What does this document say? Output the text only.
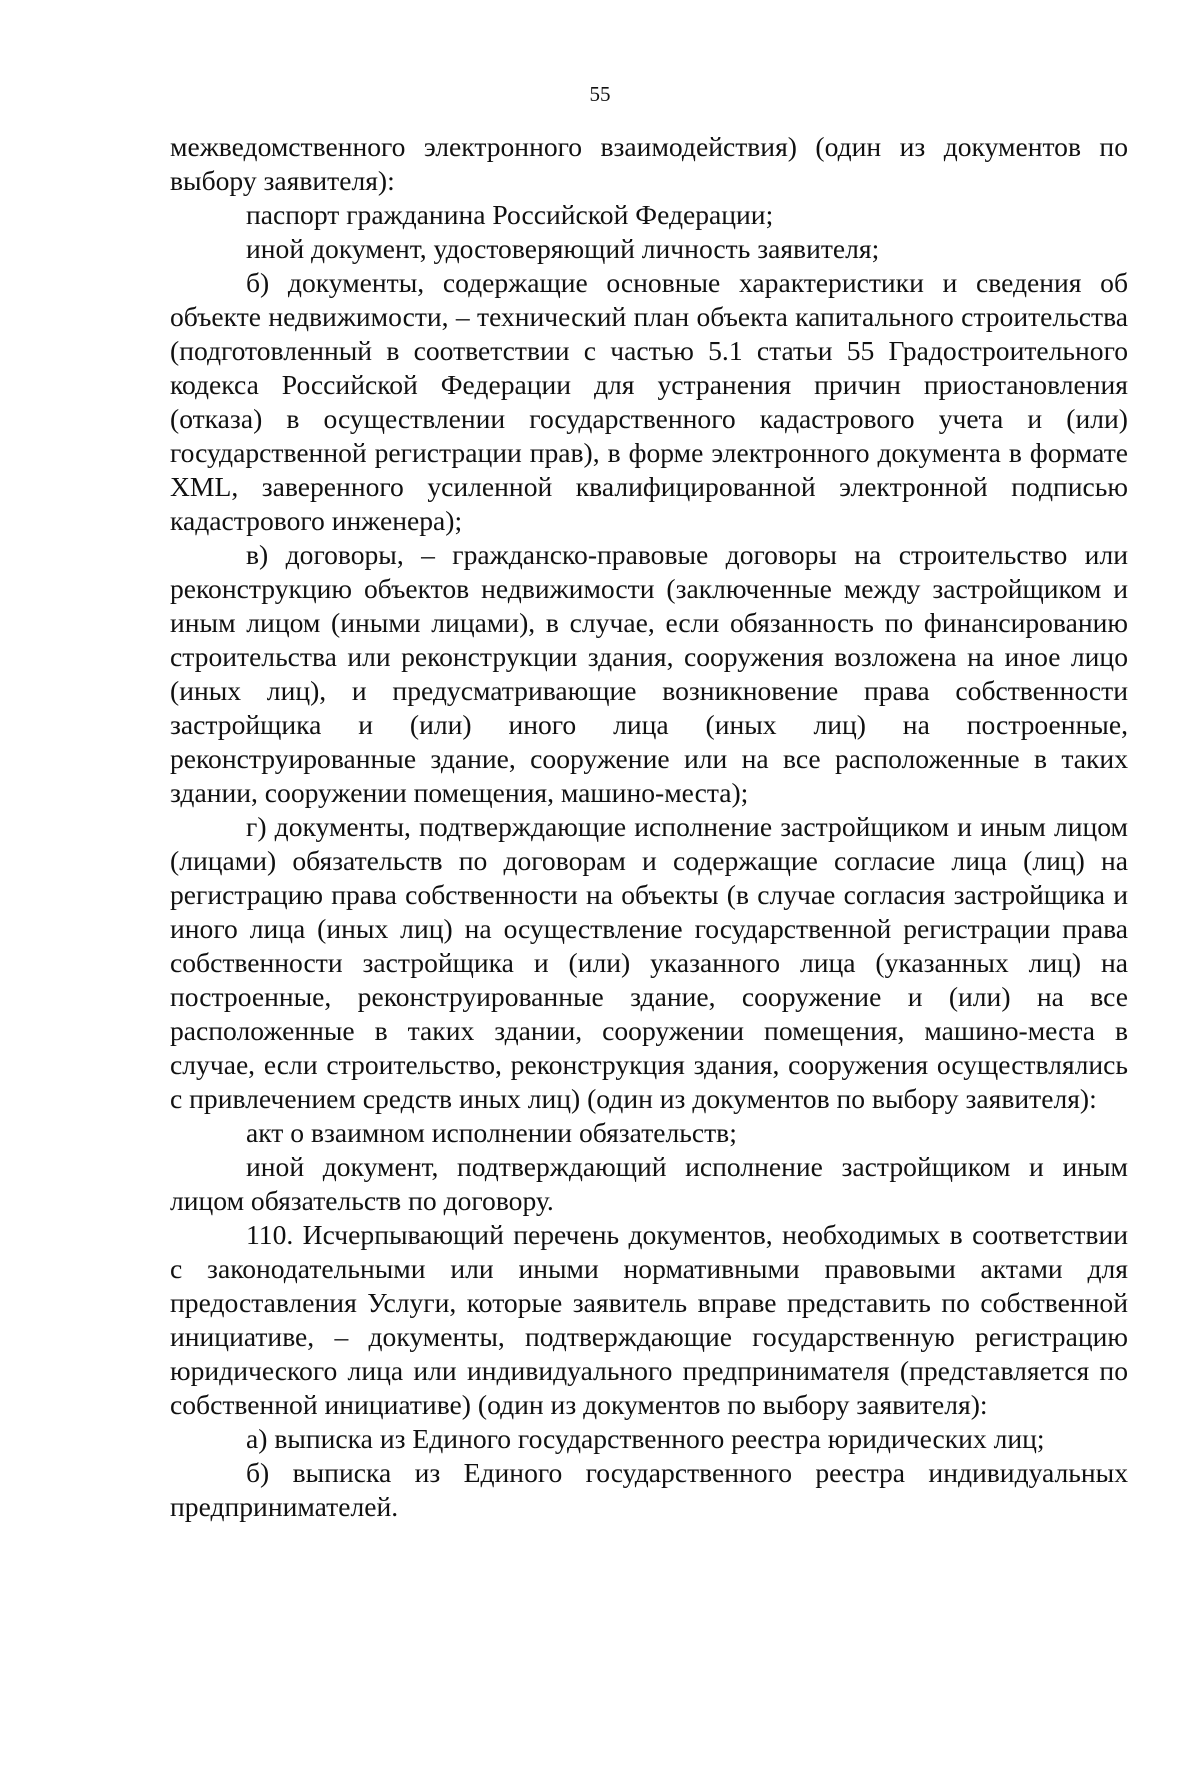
55

межведомственного электронного взаимодействия) (один из документов по выбору заявителя):

паспорт гражданина Российской Федерации;

иной документ, удостоверяющий личность заявителя;

б) документы, содержащие основные характеристики и сведения об объекте недвижимости, – технический план объекта капитального строительства (подготовленный в соответствии с частью 5.1 статьи 55 Градостроительного кодекса Российской Федерации для устранения причин приостановления (отказа) в осуществлении государственного кадастрового учета и (или) государственной регистрации прав), в форме электронного документа в формате XML, заверенного усиленной квалифицированной электронной подписью кадастрового инженера);

в) договоры, – гражданско-правовые договоры на строительство или реконструкцию объектов недвижимости (заключенные между застройщиком и иным лицом (иными лицами), в случае, если обязанность по финансированию строительства или реконструкции здания, сооружения возложена на иное лицо (иных лиц), и предусматривающие возникновение права собственности застройщика и (или) иного лица (иных лиц) на построенные, реконструированные здание, сооружение или на все расположенные в таких здании, сооружении помещения, машино-места);

г) документы, подтверждающие исполнение застройщиком и иным лицом (лицами) обязательств по договорам и содержащие согласие лица (лиц) на регистрацию права собственности на объекты (в случае согласия застройщика и иного лица (иных лиц) на осуществление государственной регистрации права собственности застройщика и (или) указанного лица (указанных лиц) на построенные, реконструированные здание, сооружение и (или) на все расположенные в таких здании, сооружении помещения, машино-места в случае, если строительство, реконструкция здания, сооружения осуществлялись с привлечением средств иных лиц) (один из документов по выбору заявителя):

акт о взаимном исполнении обязательств;

иной документ, подтверждающий исполнение застройщиком и иным лицом обязательств по договору.

110. Исчерпывающий перечень документов, необходимых в соответствии с законодательными или иными нормативными правовыми актами для предоставления Услуги, которые заявитель вправе представить по собственной инициативе, – документы, подтверждающие государственную регистрацию юридического лица или индивидуального предпринимателя (представляется по собственной инициативе) (один из документов по выбору заявителя):

а) выписка из Единого государственного реестра юридических лиц;

б) выписка из Единого государственного реестра индивидуальных предпринимателей.
